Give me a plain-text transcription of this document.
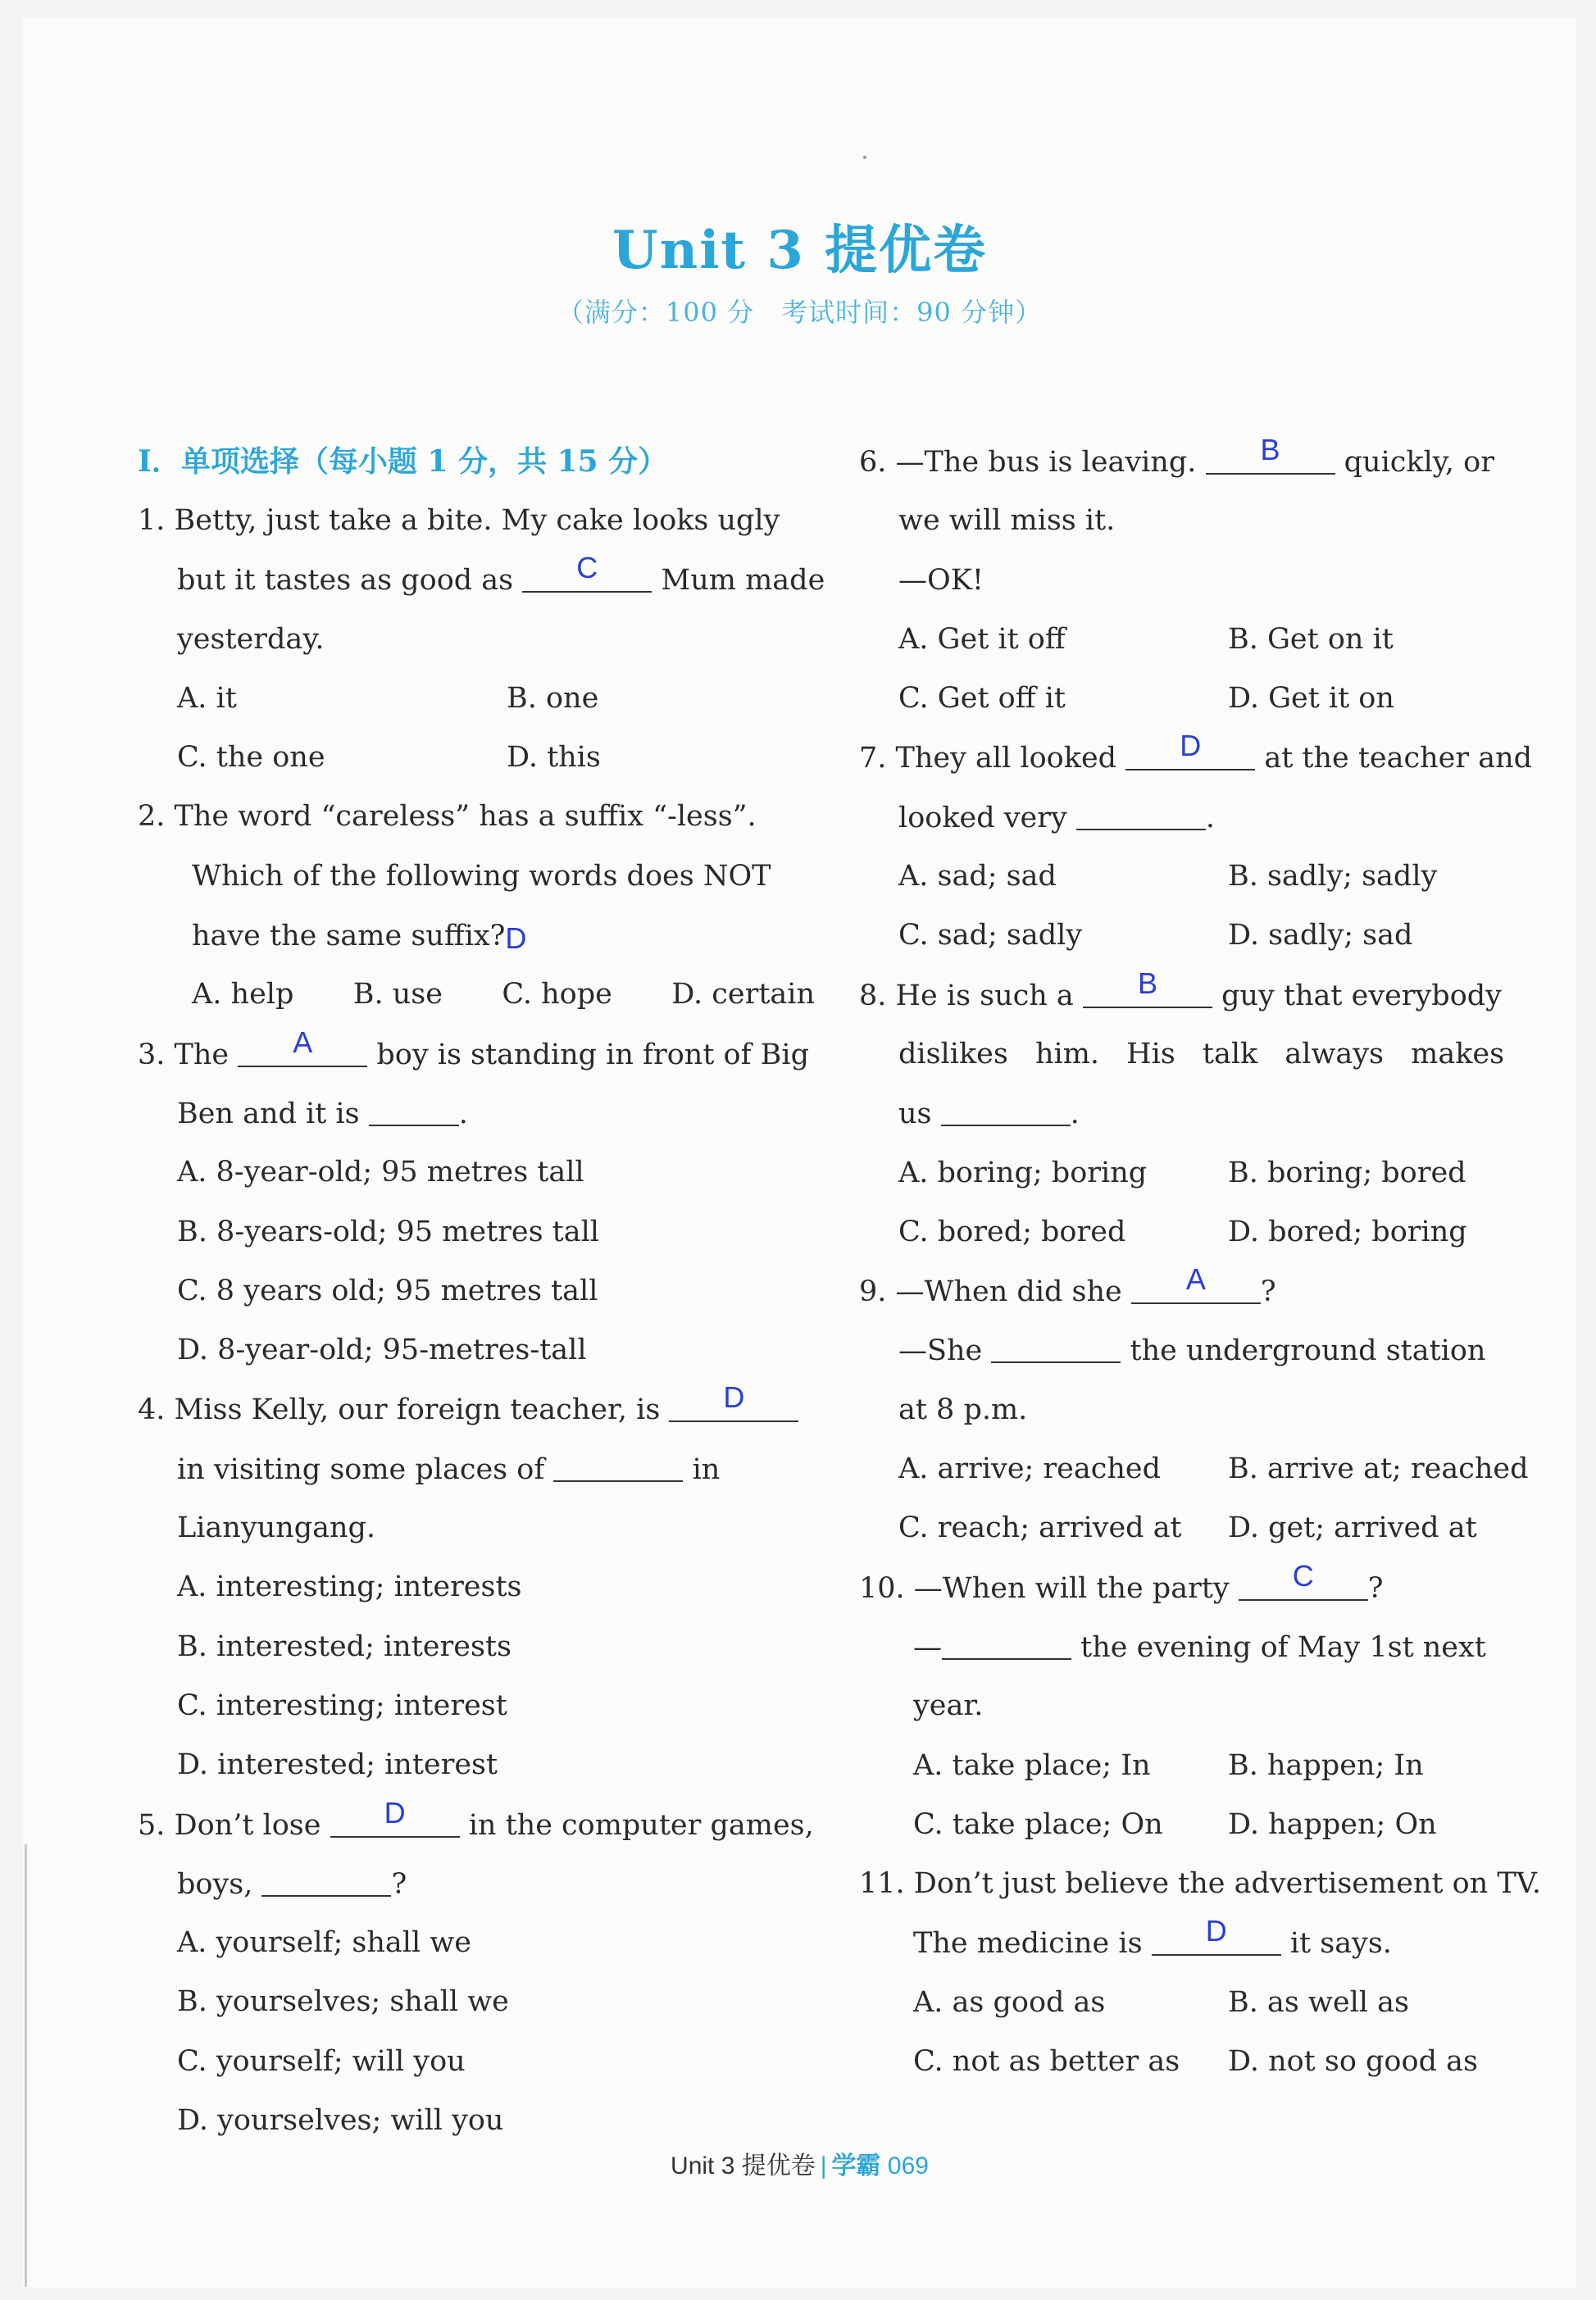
Unit 3 提优卷
（满分：100 分　考试时间：90 分钟）
Ⅰ．单项选择（每小题 1 分，共 15 分）
1. Betty, just take a bite. My cake looks ugly
but it tastes as good as C Mum made
yesterday.
A. it	B. one
C. the one	D. this
2. The word “careless” has a suffix “-less”.
Which of the following words does NOT
have the same suffix?D
A. help B. use C. hope D. certain
3. The A boy is standing in front of Big
Ben and it is	.
A. 8-year-old; 95 metres tall
B. 8-years-old; 95 metres tall
C. 8 years old; 95 metres tall
D. 8-year-old; 95-metres-tall
4. Miss Kelly, our foreign teacher, is D
in visiting some places of	in
Lianyungang.
A. interesting; interests
B. interested; interests
C. interesting; interest
D. interested; interest
5. Don’t lose D in the computer games,
boys,	?
A. yourself; shall we
B. yourselves; shall we
C. yourself; will you
D. yourselves; will you
6. —The bus is leaving. B quickly, or
we will miss it.
—OK!
A. Get it off	B. Get on it
C. Get off it	D. Get it on
7. They all looked D at the teacher and
looked very	.
A. sad; sad	B. sadly; sadly
C. sad; sadly	D. sadly; sad
8. He is such a B guy that everybody
dislikes him. His talk always makes
us	.
A. boring; boring	B. boring; bored
C. bored; bored	D. bored; boring
9. —When did she A ?
—She	the underground station
at 8 p.m.
A. arrive; reached	B. arrive at; reached
C. reach; arrived at	D. get; arrived at
10. —When will the party C ?
—	the evening of May 1st next
year.
A. take place; In	B. happen; In
C. take place; On	D. happen; On
11. Don’t just believe the advertisement on TV.
The medicine is D it says.
A. as good as	B. as well as
C. not as better as	D. not so good as
Unit 3 提优卷 | 学霸 069
